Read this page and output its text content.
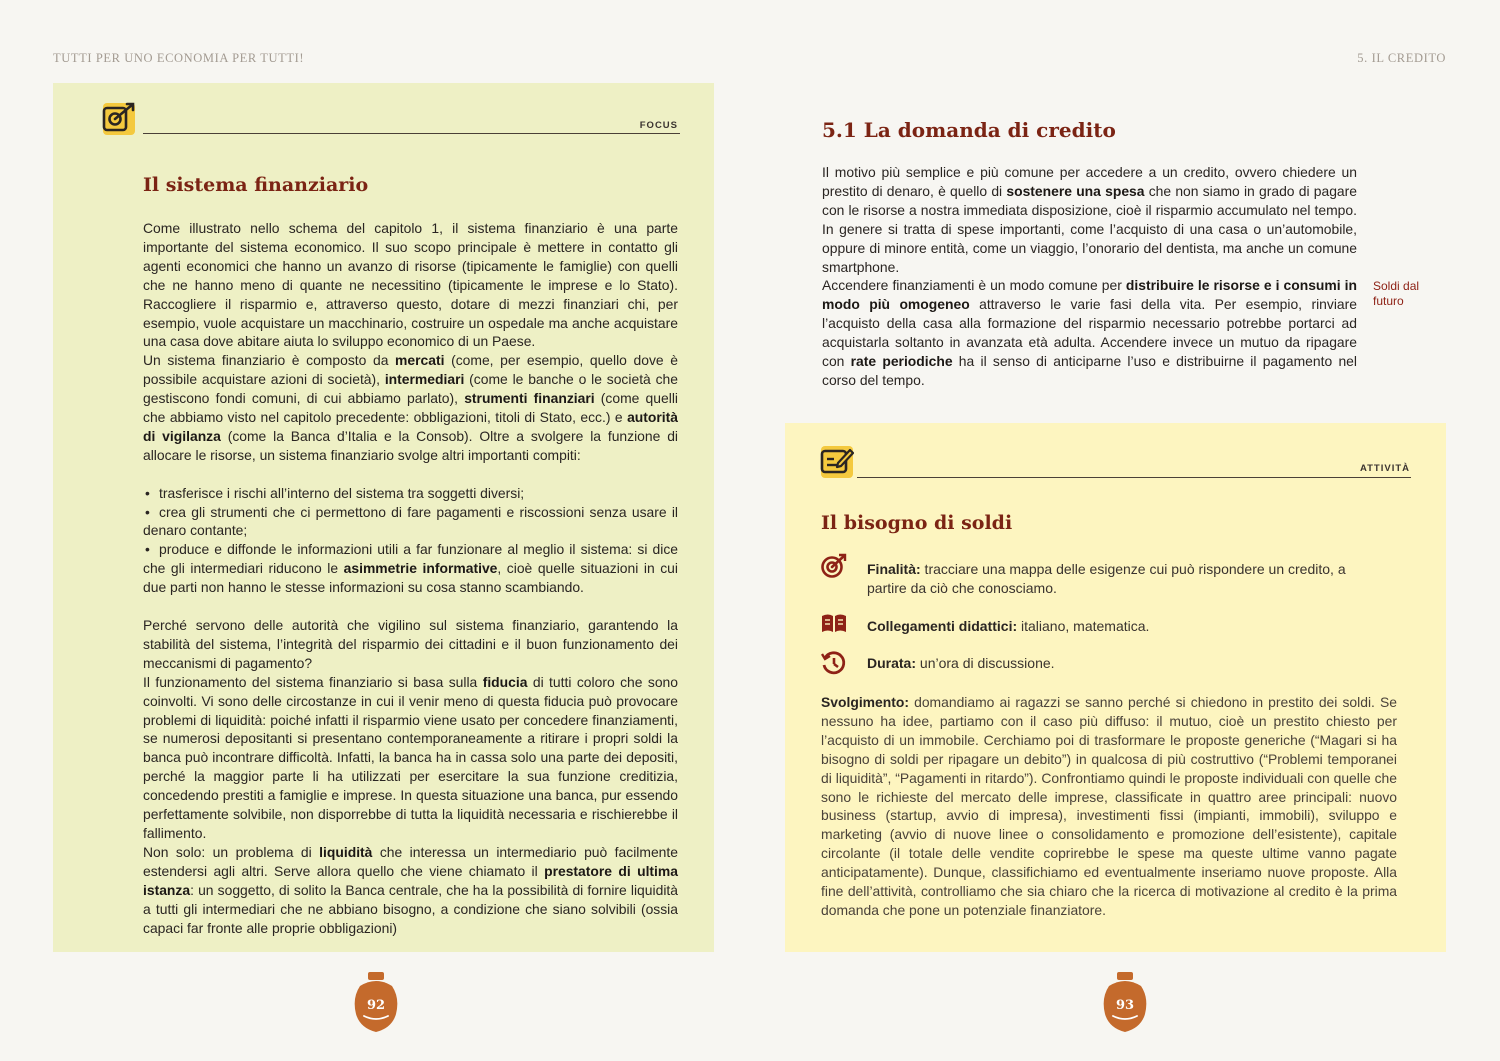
TUTTI PER UNO ECONOMIA PER TUTTI!	5. IL CREDITO
FOCUS
Il sistema finanziario

Come illustrato nello schema del capitolo 1, il sistema finanziario è una parte importante del sistema economico. Il suo scopo principale è mettere in contatto gli agenti economici che hanno un avanzo di risorse (tipicamente le famiglie) con quelli che ne hanno meno di quante ne necessitino (tipicamente le imprese e lo Stato). Raccogliere il risparmio e, attraverso questo, dotare di mezzi finanziari chi, per esempio, vuole acquistare un macchinario, costruire un ospedale ma anche acquistare una casa dove abitare aiuta lo sviluppo economico di un Paese.

Un sistema finanziario è composto da mercati (come, per esempio, quello dove è possibile acquistare azioni di società), intermediari (come le banche o le società che gestiscono fondi comuni, di cui abbiamo parlato), strumenti finanziari (come quelli che abbiamo visto nel capitolo precedente: obbligazioni, titoli di Stato, ecc.) e autorità di vigilanza (come la Banca d’Italia e la Consob). Oltre a svolgere la funzione di allocare le risorse, un sistema finanziario svolge altri importanti compiti:

• trasferisce i rischi all’interno del sistema tra soggetti diversi;
• crea gli strumenti che ci permettono di fare pagamenti e riscossioni senza usare il denaro contante;
• produce e diffonde le informazioni utili a far funzionare al meglio il sistema: si dice che gli intermediari riducono le asimmetrie informative, cioè quelle situazioni in cui due parti non hanno le stesse informazioni su cosa stanno scambiando.

Perché servono delle autorità che vigilino sul sistema finanziario, garantendo la stabilità del sistema, l’integrità del risparmio dei cittadini e il buon funzionamento dei meccanismi di pagamento?

Il funzionamento del sistema finanziario si basa sulla fiducia di tutti coloro che sono coinvolti. Vi sono delle circostanze in cui il venir meno di questa fiducia può provocare problemi di liquidità: poiché infatti il risparmio viene usato per concedere finanziamenti, se numerosi depositanti si presentano contemporaneamente a ritirare i propri soldi la banca può incontrare difficoltà. Infatti, la banca ha in cassa solo una parte dei depositi, perché la maggior parte li ha utilizzati per esercitare la sua funzione creditizia, concedendo prestiti a famiglie e imprese. In questa situazione una banca, pur essendo perfettamente solvibile, non disporrebbe di tutta la liquidità necessaria e rischierebbe il fallimento.

Non solo: un problema di liquidità che interessa un intermediario può facilmente estendersi agli altri. Serve allora quello che viene chiamato il prestatore di ultima istanza: un soggetto, di solito la Banca centrale, che ha la possibilità di fornire liquidità a tutti gli intermediari che ne abbiano bisogno, a condizione che siano solvibili (ossia capaci far fronte alle proprie obbligazioni)

5.1 La domanda di credito

Il motivo più semplice e più comune per accedere a un credito, ovvero chiedere un prestito di denaro, è quello di sostenere una spesa che non siamo in grado di pagare con le risorse a nostra immediata disposizione, cioè il risparmio accumulato nel tempo. In genere si tratta di spese importanti, come l’acquisto di una casa o un’automobile, oppure di minore entità, come un viaggio, l’onorario del dentista, ma anche un comune smartphone.

Accendere finanziamenti è un modo comune per distribuire le risorse e i consumi in modo più omogeneo attraverso le varie fasi della vita. Per esempio, rinviare l’acquisto della casa alla formazione del risparmio necessario potrebbe portarci ad acquistarla soltanto in avanzata età adulta. Accendere invece un mutuo da ripagare con rate periodiche ha il senso di anticiparne l’uso e distribuirne il pagamento nel corso del tempo.

Soldi dal futuro
ATTIVITÀ
Il bisogno di soldi
Finalità: tracciare una mappa delle esigenze cui può rispondere un credito, a partire da ciò che conosciamo.
Collegamenti didattici: italiano, matematica.
Durata: un’ora di discussione.
Svolgimento: domandiamo ai ragazzi se sanno perché si chiedono in prestito dei soldi. Se nessuno ha idee, partiamo con il caso più diffuso: il mutuo, cioè un prestito chiesto per l’acquisto di un immobile. Cerchiamo poi di trasformare le proposte generiche (“Magari si ha bisogno di soldi per ripagare un debito”) in qualcosa di più costruttivo (“Problemi temporanei di liquidità”, “Pagamenti in ritardo”). Confrontiamo quindi le proposte individuali con quelle che sono le richieste del mercato delle imprese, classificate in quattro aree principali: nuovo business (startup, avvio di impresa), investimenti fissi (impianti, immobili), sviluppo e marketing (avvio di nuove linee o consolidamento e promozione dell’esistente), capitale circolante (il totale delle vendite coprirebbe le spese ma queste ultime vanno pagate anticipatamente). Dunque, classifichiamo ed eventualmente inseriamo nuove proposte. Alla fine dell’attività, controlliamo che sia chiaro che la ricerca di motivazione al credito è la prima domanda che pone un potenziale finanziatore.
92	93
